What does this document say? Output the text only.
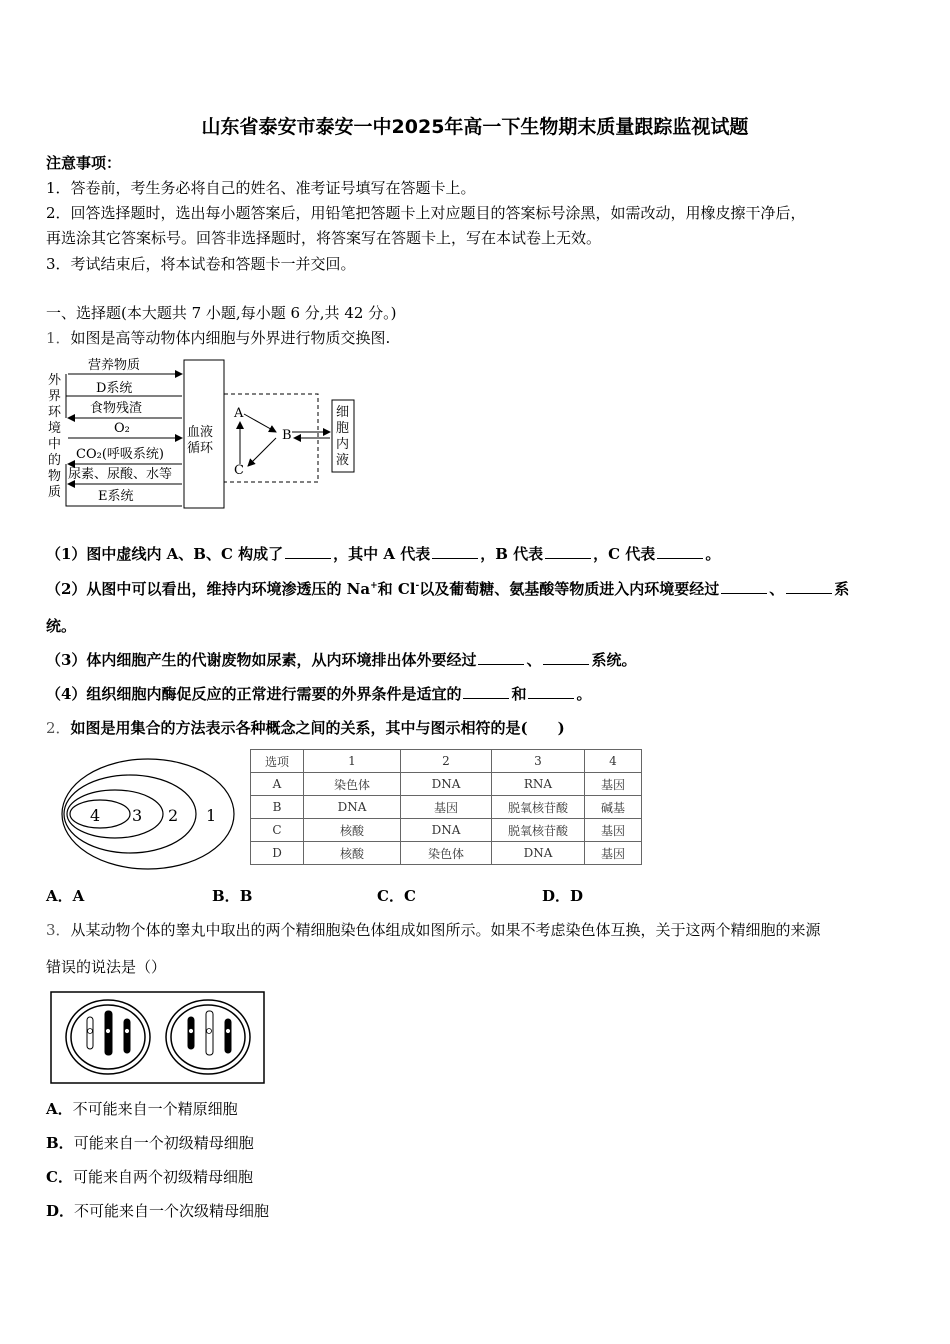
山东省泰安市泰安一中2025年高一下生物期末质量跟踪监视试题
注意事项：
1．答卷前，考生务必将自己的姓名、准考证号填写在答题卡上。
2．回答选择题时，选出每小题答案后，用铅笔把答题卡上对应题目的答案标号涂黑，如需改动，用橡皮擦干净后，
再选涂其它答案标号。回答非选择题时，将答案写在答题卡上，写在本试卷上无效。
3．考试结束后，将本试卷和答题卡一并交回。
一、选择题(本大题共 7 小题,每小题 6 分,共 42 分。)
1．如图是高等动物体内细胞与外界进行物质交换图.
外
界
环
境
中
的
物
质
营养物质
D系统
食物残渣
O₂
CO₂(呼吸系统)
尿素、尿酸、水等
E系统
血液
循环
A
B
C
细
胞
内
液
（1）图中虚线内 A、B、C 构成了	，其中 A 代表	，B 代表	，C 代表	。
（2）从图中可以看出，维持内环境渗透压的 Na+和 Cl-以及葡萄糖、氨基酸等物质进入内环境要经过	、	系
统。
（3）体内细胞产生的代谢废物如尿素，从内环境排出体外要经过	、	系统。
（4）组织细胞内酶促反应的正常进行需要的外界条件是适宜的	和	。
2．如图是用集合的方法表示各种概念之间的关系，其中与图示相符的是(　　)
4 3 2 1
选项	1	2	3	4
A	染色体	DNA	RNA	基因
B	DNA	基因	脱氧核苷酸	碱基
C	核酸	DNA	脱氧核苷酸	基因
D	核酸	染色体	DNA	基因
A．A	B．B	C．C	D．D
3．从某动物个体的睾丸中取出的两个精细胞染色体组成如图所示。如果不考虑染色体互换，关于这两个精细胞的来源
错误的说法是（）
A．不可能来自一个精原细胞
B．可能来自一个初级精母细胞
C．可能来自两个初级精母细胞
D．不可能来自一个次级精母细胞
